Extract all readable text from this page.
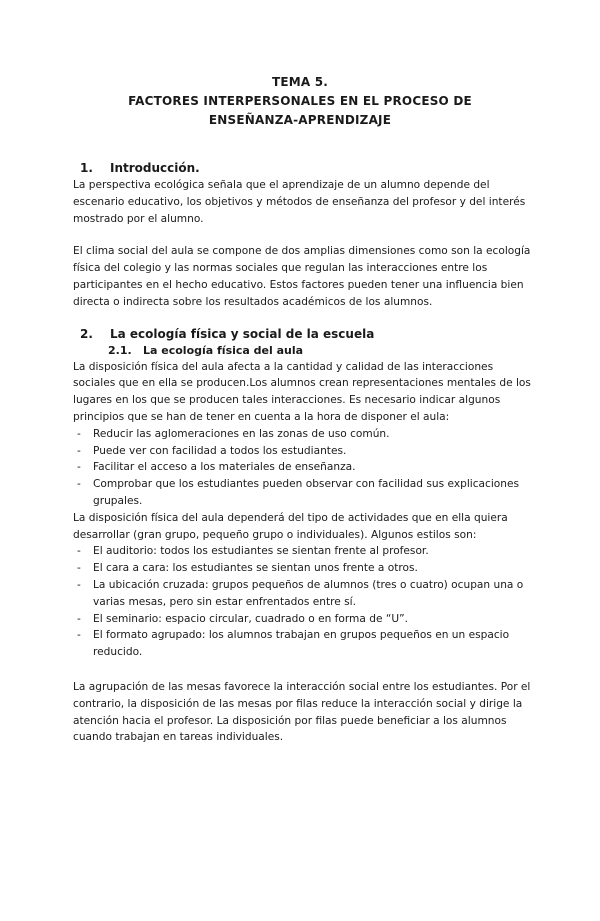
TEMA 5.
FACTORES INTERPERSONALES EN EL PROCESO DE
ENSEÑANZA-APRENDIZAJE
1.	Introducción.

La perspectiva ecológica señala que el aprendizaje de un alumno depende del escenario educativo, los objetivos y métodos de enseñanza del profesor y del interés mostrado por el alumno.

El clima social del aula se compone de dos amplias dimensiones como son la ecología física del colegio y las normas sociales que regulan las interacciones entre los participantes en el hecho educativo. Estos factores pueden tener una influencia bien directa o indirecta sobre los resultados académicos de los alumnos.

2.	La ecología física y social de la escuela
2.1.	La ecología física del aula

La disposición física del aula afecta a la cantidad y calidad de las interacciones sociales que en ella se producen.Los alumnos crean representaciones mentales de los lugares en los que se producen tales interacciones. Es necesario indicar algunos principios que se han de tener en cuenta a la hora de disponer el aula:

- Reducir las aglomeraciones en las zonas de uso común.
- Puede ver con facilidad a todos los estudiantes.
- Facilitar el acceso a los materiales de enseñanza.
- Comprobar que los estudiantes pueden observar con facilidad sus explicaciones grupales.

La disposición física del aula dependerá del tipo de actividades que en ella quiera desarrollar (gran grupo, pequeño grupo o individuales). Algunos estilos son:

- El auditorio: todos los estudiantes se sientan frente al profesor.
- El cara a cara: los estudiantes se sientan unos frente a otros.
- La ubicación cruzada: grupos pequeños de alumnos (tres o cuatro) ocupan una o varias mesas, pero sin estar enfrentados entre sí.
- El seminario: espacio circular, cuadrado o en forma de “U”.
- El formato agrupado: los alumnos trabajan en grupos pequeños en un espacio reducido.

La agrupación de las mesas favorece la interacción social entre los estudiantes. Por el contrario, la disposición de las mesas por filas reduce la interacción social y dirige la atención hacia el profesor. La disposición por filas puede beneficiar a los alumnos cuando trabajan en tareas individuales.
